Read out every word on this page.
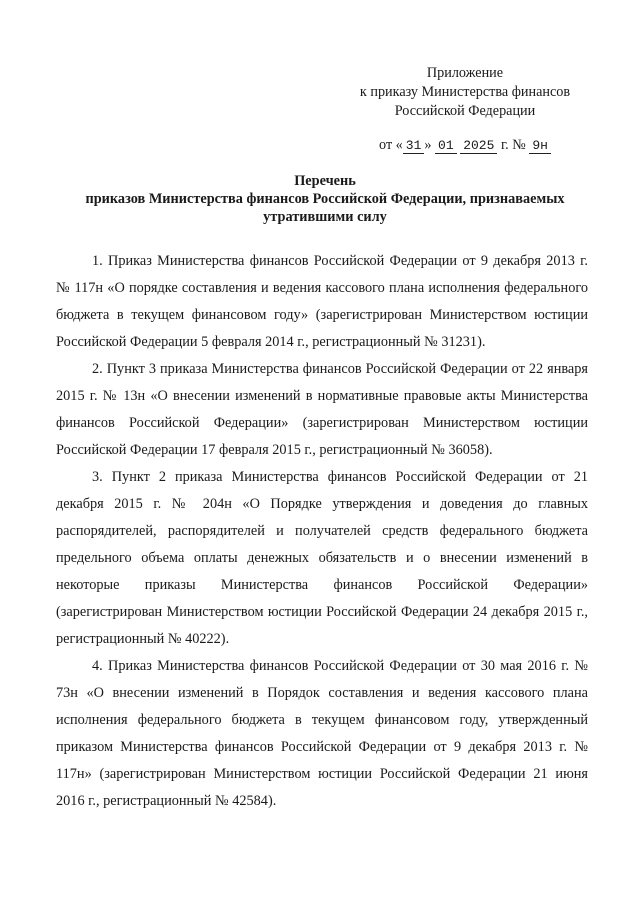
Приложение
к приказу Министерства финансов
Российской Федерации
от « 31 » 01 2025 г. № 9н
Перечень
приказов Министерства финансов Российской Федерации, признаваемых
утратившими силу

1. Приказ Министерства финансов Российской Федерации от 9 декабря 2013 г. № 117н «О порядке составления и ведения кассового плана исполнения федерального бюджета в текущем финансовом году» (зарегистрирован Министерством юстиции Российской Федерации 5 февраля 2014 г., регистрационный № 31231).

2. Пункт 3 приказа Министерства финансов Российской Федерации от 22 января 2015 г. № 13н «О внесении изменений в нормативные правовые акты Министерства финансов Российской Федерации» (зарегистрирован Министерством юстиции Российской Федерации 17 февраля 2015 г., регистрационный № 36058).

3. Пункт 2 приказа Министерства финансов Российской Федерации от 21 декабря 2015 г. № 204н «О Порядке утверждения и доведения до главных распорядителей, распорядителей и получателей средств федерального бюджета предельного объема оплаты денежных обязательств и о внесении изменений в некоторые приказы Министерства финансов Российской Федерации» (зарегистрирован Министерством юстиции Российской Федерации 24 декабря 2015 г., регистрационный № 40222).

4. Приказ Министерства финансов Российской Федерации от 30 мая 2016 г. № 73н «О внесении изменений в Порядок составления и ведения кассового плана исполнения федерального бюджета в текущем финансовом году, утвержденный приказом Министерства финансов Российской Федерации от 9 декабря 2013 г. № 117н» (зарегистрирован Министерством юстиции Российской Федерации 21 июня 2016 г., регистрационный № 42584).
